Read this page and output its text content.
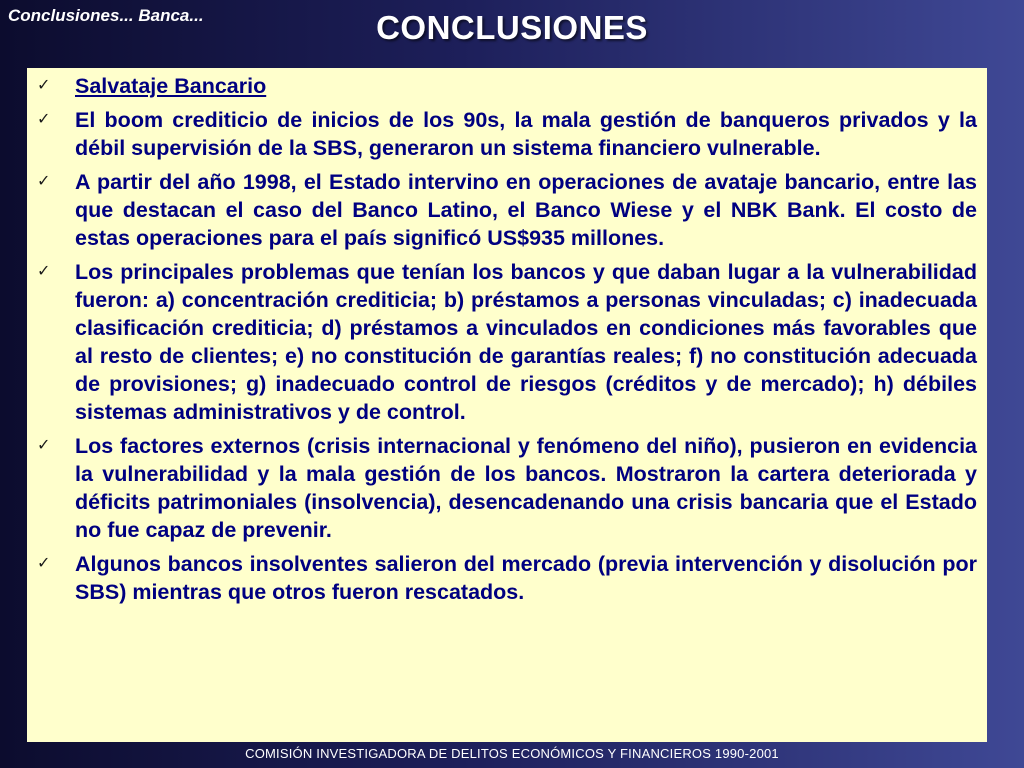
Conclusiones... Banca...	CONCLUSIONES
✓	Salvataje Bancario
✓	El boom crediticio de inicios de los 90s, la mala gestión de banqueros privados y la débil supervisión de la SBS, generaron un sistema financiero vulnerable.
✓	A partir del año 1998, el Estado intervino en operaciones de avataje bancario, entre las que destacan el caso del Banco Latino, el Banco Wiese y el NBK Bank. El costo de estas operaciones para el país significó US$935 millones.
✓	Los principales problemas que tenían los bancos y que daban lugar a la vulnerabilidad fueron: a) concentración crediticia; b) préstamos a personas vinculadas; c) inadecuada clasificación crediticia; d) préstamos a vinculados en condiciones más favorables que al resto de clientes; e) no constitución de garantías reales; f) no constitución adecuada de provisiones; g) inadecuado control de riesgos (créditos y de mercado); h) débiles sistemas administrativos y de control.
✓	Los factores externos (crisis internacional y fenómeno del niño), pusieron en evidencia la vulnerabilidad y la mala gestión de los bancos. Mostraron la cartera deteriorada y déficits patrimoniales (insolvencia), desencadenando una crisis bancaria que el Estado no fue capaz de prevenir.
✓	Algunos bancos insolventes salieron del mercado (previa intervención y disolución por SBS) mientras que otros fueron rescatados.
COMISIÓN INVESTIGADORA DE DELITOS ECONÓMICOS Y FINANCIEROS 1990-2001
